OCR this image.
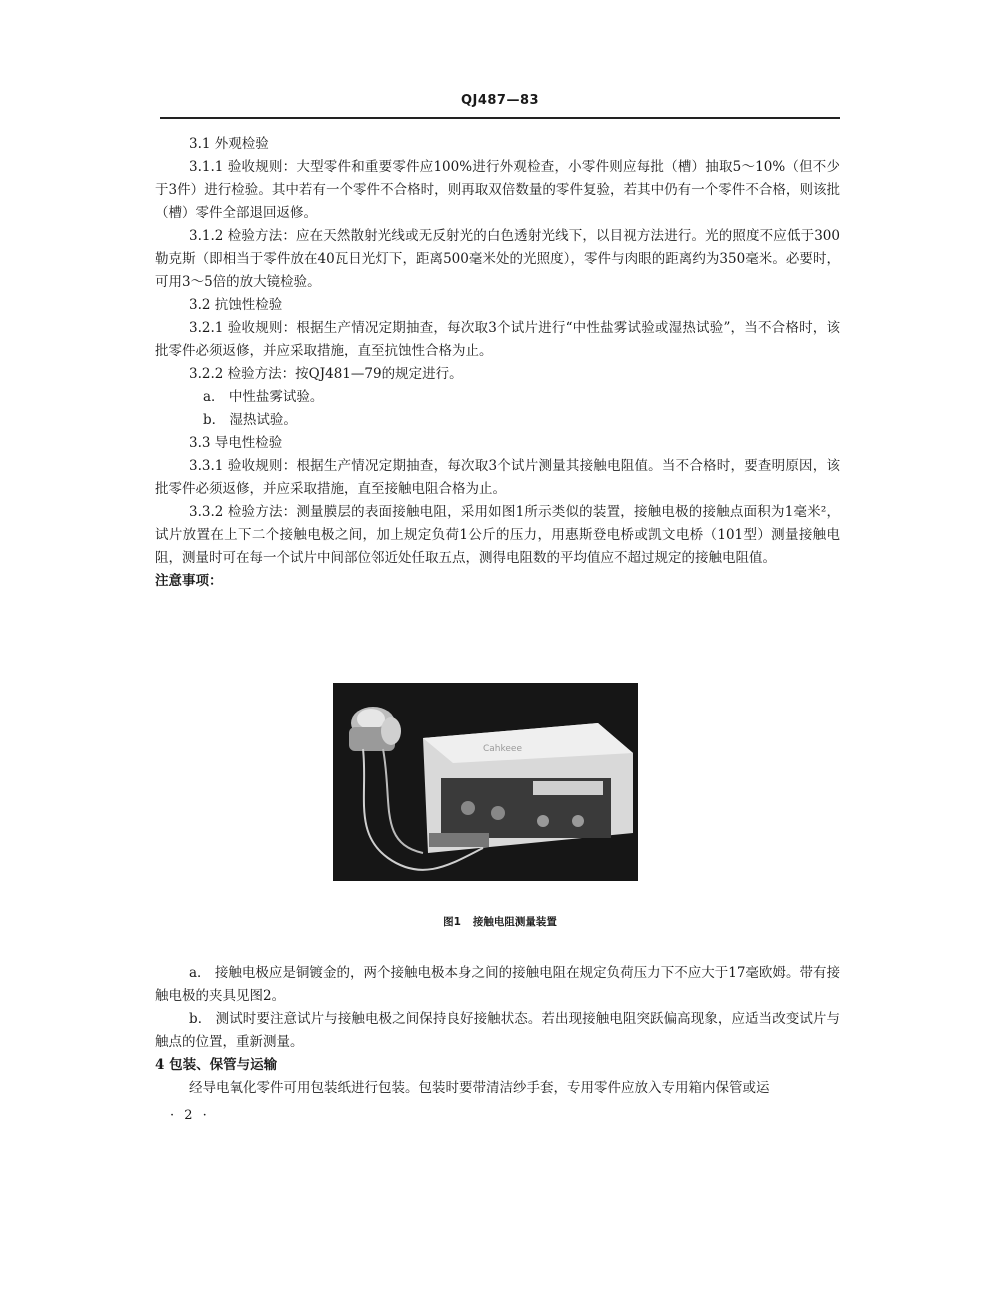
QJ487—83

3.1 外观检验

3.1.1 验收规则：大型零件和重要零件应100%进行外观检查，小零件则应每批（槽）抽取5～10%（但不少于3件）进行检验。其中若有一个零件不合格时，则再取双倍数量的零件复验，若其中仍有一个零件不合格，则该批（槽）零件全部退回返修。

3.1.2 检验方法：应在天然散射光线或无反射光的白色透射光线下，以目视方法进行。光的照度不应低于300勒克斯（即相当于零件放在40瓦日光灯下，距离500毫米处的光照度），零件与肉眼的距离约为350毫米。必要时，可用3～5倍的放大镜检验。

3.2 抗蚀性检验

3.2.1 验收规则：根据生产情况定期抽查，每次取3个试片进行“中性盐雾试验或湿热试验”，当不合格时，该批零件必须返修，并应采取措施，直至抗蚀性合格为止。

3.2.2 检验方法：按QJ481—79的规定进行。

a． 中性盐雾试验。

b． 湿热试验。

3.3 导电性检验

3.3.1 验收规则：根据生产情况定期抽查，每次取3个试片测量其接触电阻值。当不合格时，要查明原因，该批零件必须返修，并应采取措施，直至接触电阻合格为止。

3.3.2 检验方法：测量膜层的表面接触电阻，采用如图1所示类似的装置，接触电极的接触点面积为1毫米²，试片放置在上下二个接触电极之间，加上规定负荷1公斤的压力，用惠斯登电桥或凯文电桥（101型）测量接触电阻，测量时可在每一个试片中间部位邻近处任取五点，测得电阻数的平均值应不超过规定的接触电阻值。

注意事项：

Cahkeee
图1 接触电阻测量装置

a． 接触电极应是铜镀金的，两个接触电极本身之间的接触电阻在规定负荷压力下不应大于17毫欧姆。带有接触电极的夹具见图2。

b． 测试时要注意试片与接触电极之间保持良好接触状态。若出现接触电阻突跃偏高现象，应适当改变试片与触点的位置，重新测量。

4 包装、保管与运输

经导电氧化零件可用包装纸进行包装。包装时要带清洁纱手套，专用零件应放入专用箱内保管或运

· 2 ·
